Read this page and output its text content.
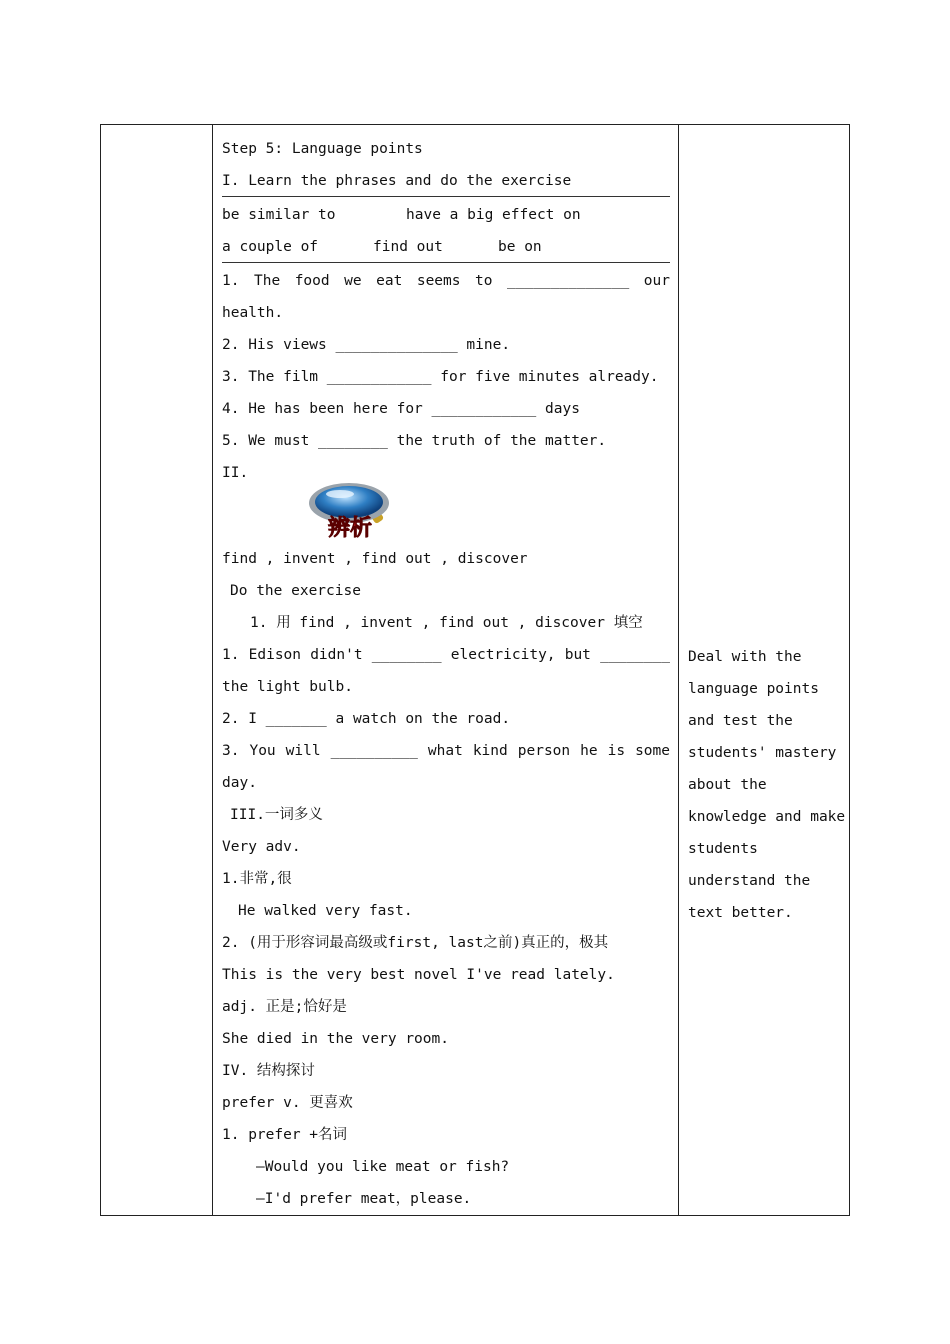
Step 5: Language points
I. Learn the phrases and do the exercise
be similar to	have a big effect on
a couple of	find out	be on
1. The food we eat seems to ______________ our
health.
2. His views ______________ mine.
3. The film ____________ for five minutes already.
4. He has been here for ____________ days
5. We must ________ the truth of the matter.
II.
辨析
find , invent , find out , discover
Do the exercise
1. 用 find , invent , find out , discover 填空
1. Edison didn't ________ electricity, but ________
the light bulb.
2. I _______ a watch on the road.
3. You will __________ what kind person he is some
day.
III.一词多义
Very adv.
1.非常,很
He walked very fast.
2. (用于形容词最高级或first, last之前)真正的，极其
This is the very best novel I've read lately.
adj. 正是;恰好是
She died in the very room.
IV. 结构探讨
prefer v. 更喜欢
1. prefer +名词
—Would you like meat or fish?
—I'd prefer meat，please.
Deal with the
language points
and test the
students' mastery
about the
knowledge and make
students
understand the
text better.
